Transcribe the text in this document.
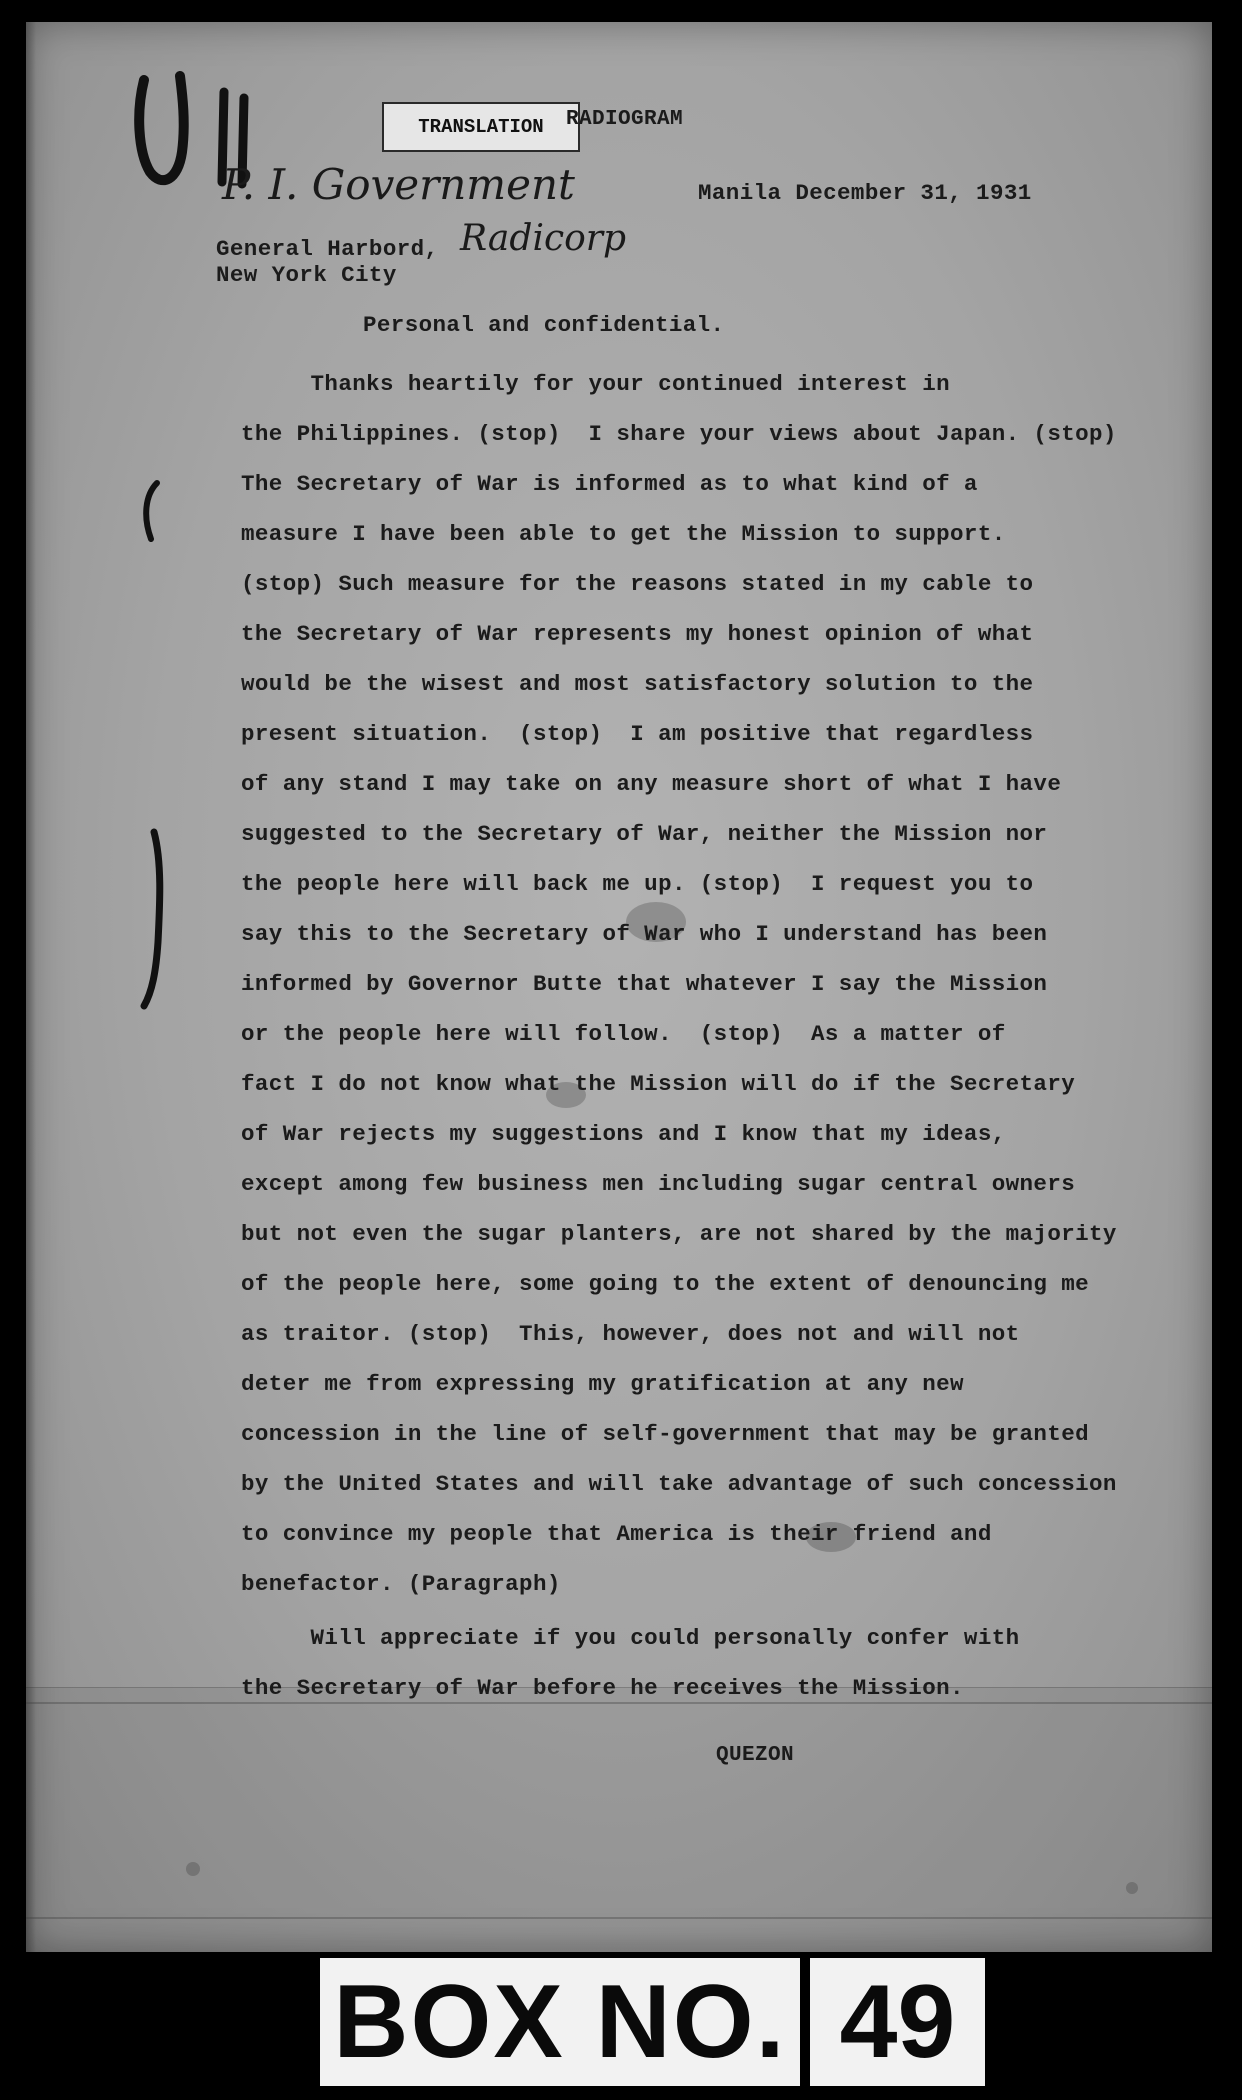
TRANSLATION	RADIOGRAM
P. I. Government	Manila December 31, 1931
General Harbord, Radicorp
New York City
Personal and confidential.
Thanks heartily for your continued interest in
the Philippines. (stop)  I share your views about Japan. (stop)
The Secretary of War is informed as to what kind of a
measure I have been able to get the Mission to support.
(stop) Such measure for the reasons stated in my cable to
the Secretary of War represents my honest opinion of what
would be the wisest and most satisfactory solution to the
present situation.  (stop)  I am positive that regardless
of any stand I may take on any measure short of what I have
suggested to the Secretary of War, neither the Mission nor
the people here will back me up. (stop)  I request you to
say this to the Secretary of War who I understand has been
informed by Governor Butte that whatever I say the Mission
or the people here will follow.  (stop)  As a matter of
fact I do not know what the Mission will do if the Secretary
of War rejects my suggestions and I know that my ideas,
except among few business men including sugar central owners
but not even the sugar planters, are not shared by the majority
of the people here, some going to the extent of denouncing me
as traitor. (stop)  This, however, does not and will not
deter me from expressing my gratification at any new
concession in the line of self-government that may be granted
by the United States and will take advantage of such concession
to convince my people that America is their friend and
benefactor. (Paragraph)
Will appreciate if you could personally confer with
the Secretary of War before he receives the Mission.
QUEZON
BOX NO. 49
